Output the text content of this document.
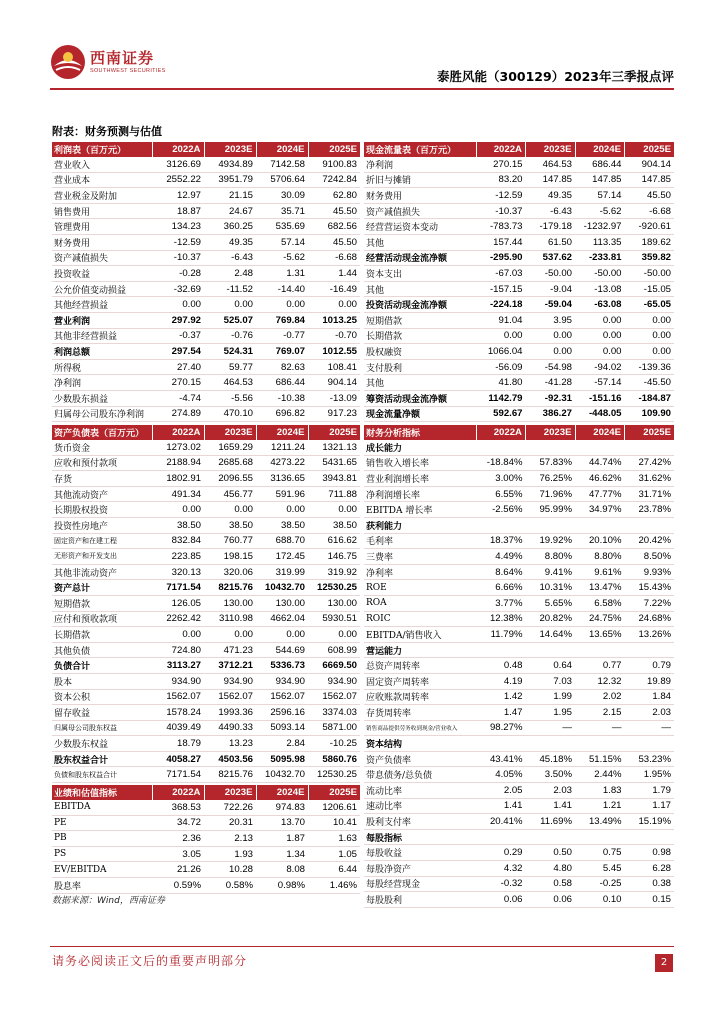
西南证券
SOUTHWEST SECURITIES	泰胜风能（300129）2023年三季报点评
附表：财务预测与估值
利润表（百万元）	2022A	2023E	2024E	2025E
营业收入	3126.69	4934.89	7142.58	9100.83
营业成本	2552.22	3951.79	5706.64	7242.84
营业税金及附加	12.97	21.15	30.09	62.80
销售费用	18.87	24.67	35.71	45.50
管理费用	134.23	360.25	535.69	682.56
财务费用	-12.59	49.35	57.14	45.50
资产减值损失	-10.37	-6.43	-5.62	-6.68
投资收益	-0.28	2.48	1.31	1.44
公允价值变动损益	-32.69	-11.52	-14.40	-16.49
其他经营损益	0.00	0.00	0.00	0.00
营业利润	297.92	525.07	769.84	1013.25
其他非经营损益	-0.37	-0.76	-0.77	-0.70
利润总额	297.54	524.31	769.07	1012.55
所得税	27.40	59.77	82.63	108.41
净利润	270.15	464.53	686.44	904.14
少数股东损益	-4.74	-5.56	-10.38	-13.09
归属母公司股东净利润	274.89	470.10	696.82	917.23
现金流量表（百万元）	2022A	2023E	2024E	2025E
净利润	270.15	464.53	686.44	904.14
折旧与摊销	83.20	147.85	147.85	147.85
财务费用	-12.59	49.35	57.14	45.50
资产减值损失	-10.37	-6.43	-5.62	-6.68
经营营运资本变动	-783.73	-179.18	-1232.97	-920.61
其他	157.44	61.50	113.35	189.62
经营活动现金流净额	-295.90	537.62	-233.81	359.82
资本支出	-67.03	-50.00	-50.00	-50.00
其他	-157.15	-9.04	-13.08	-15.05
投资活动现金流净额	-224.18	-59.04	-63.08	-65.05
短期借款	91.04	3.95	0.00	0.00
长期借款	0.00	0.00	0.00	0.00
股权融资	1066.04	0.00	0.00	0.00
支付股利	-56.09	-54.98	-94.02	-139.36
其他	41.80	-41.28	-57.14	-45.50
筹资活动现金流净额	1142.79	-92.31	-151.16	-184.87
现金流量净额	592.67	386.27	-448.05	109.90
资产负债表（百万元）	2022A	2023E	2024E	2025E
货币资金	1273.02	1659.29	1211.24	1321.13
应收和预付款项	2188.94	2685.68	4273.22	5431.65
存货	1802.91	2096.55	3136.65	3943.81
其他流动资产	491.34	456.77	591.96	711.88
长期股权投资	0.00	0.00	0.00	0.00
投资性房地产	38.50	38.50	38.50	38.50
固定资产和在建工程	832.84	760.77	688.70	616.62
无形资产和开发支出	223.85	198.15	172.45	146.75
其他非流动资产	320.13	320.06	319.99	319.92
资产总计	7171.54	8215.76	10432.70	12530.25
短期借款	126.05	130.00	130.00	130.00
应付和预收款项	2262.42	3110.98	4662.04	5930.51
长期借款	0.00	0.00	0.00	0.00
其他负债	724.80	471.23	544.69	608.99
负债合计	3113.27	3712.21	5336.73	6669.50
股本	934.90	934.90	934.90	934.90
资本公积	1562.07	1562.07	1562.07	1562.07
留存收益	1578.24	1993.36	2596.16	3374.03
归属母公司股东权益	4039.49	4490.33	5093.14	5871.00
少数股东权益	18.79	13.23	2.84	-10.25
股东权益合计	4058.27	4503.56	5095.98	5860.76
负债和股东权益合计	7171.54	8215.76	10432.70	12530.25
财务分析指标	2022A	2023E	2024E	2025E
成长能力				
销售收入增长率	-18.84%	57.83%	44.74%	27.42%
营业利润增长率	3.00%	76.25%	46.62%	31.62%
净利润增长率	6.55%	71.96%	47.77%	31.71%
EBITDA 增长率	-2.56%	95.99%	34.97%	23.78%
获利能力				
毛利率	18.37%	19.92%	20.10%	20.42%
三费率	4.49%	8.80%	8.80%	8.50%
净利率	8.64%	9.41%	9.61%	9.93%
ROE	6.66%	10.31%	13.47%	15.43%
ROA	3.77%	5.65%	6.58%	7.22%
ROIC	12.38%	20.82%	24.75%	24.68%
EBITDA/销售收入	11.79%	14.64%	13.65%	13.26%
营运能力				
总资产周转率	0.48	0.64	0.77	0.79
固定资产周转率	4.19	7.03	12.32	19.89
应收账款周转率	1.42	1.99	2.02	1.84
存货周转率	1.47	1.95	2.15	2.03
销售商品提供劳务收到现金/营业收入	98.27%	—	—	—
资本结构				
资产负债率	43.41%	45.18%	51.15%	53.23%
带息债务/总负债	4.05%	3.50%	2.44%	1.95%
流动比率	2.05	2.03	1.83	1.79
速动比率	1.41	1.41	1.21	1.17
股利支付率	20.41%	11.69%	13.49%	15.19%
每股指标				
每股收益	0.29	0.50	0.75	0.98
每股净资产	4.32	4.80	5.45	6.28
每股经营现金	-0.32	0.58	-0.25	0.38
每股股利	0.06	0.06	0.10	0.15
业绩和估值指标	2022A	2023E	2024E	2025E
EBITDA	368.53	722.26	974.83	1206.61
PE	34.72	20.31	13.70	10.41
PB	2.36	2.13	1.87	1.63
PS	3.05	1.93	1.34	1.05
EV/EBITDA	21.26	10.28	8.08	6.44
股息率	0.59%	0.58%	0.98%	1.46%
数据来源：Wind，西南证券
请务必阅读正文后的重要声明部分	2
